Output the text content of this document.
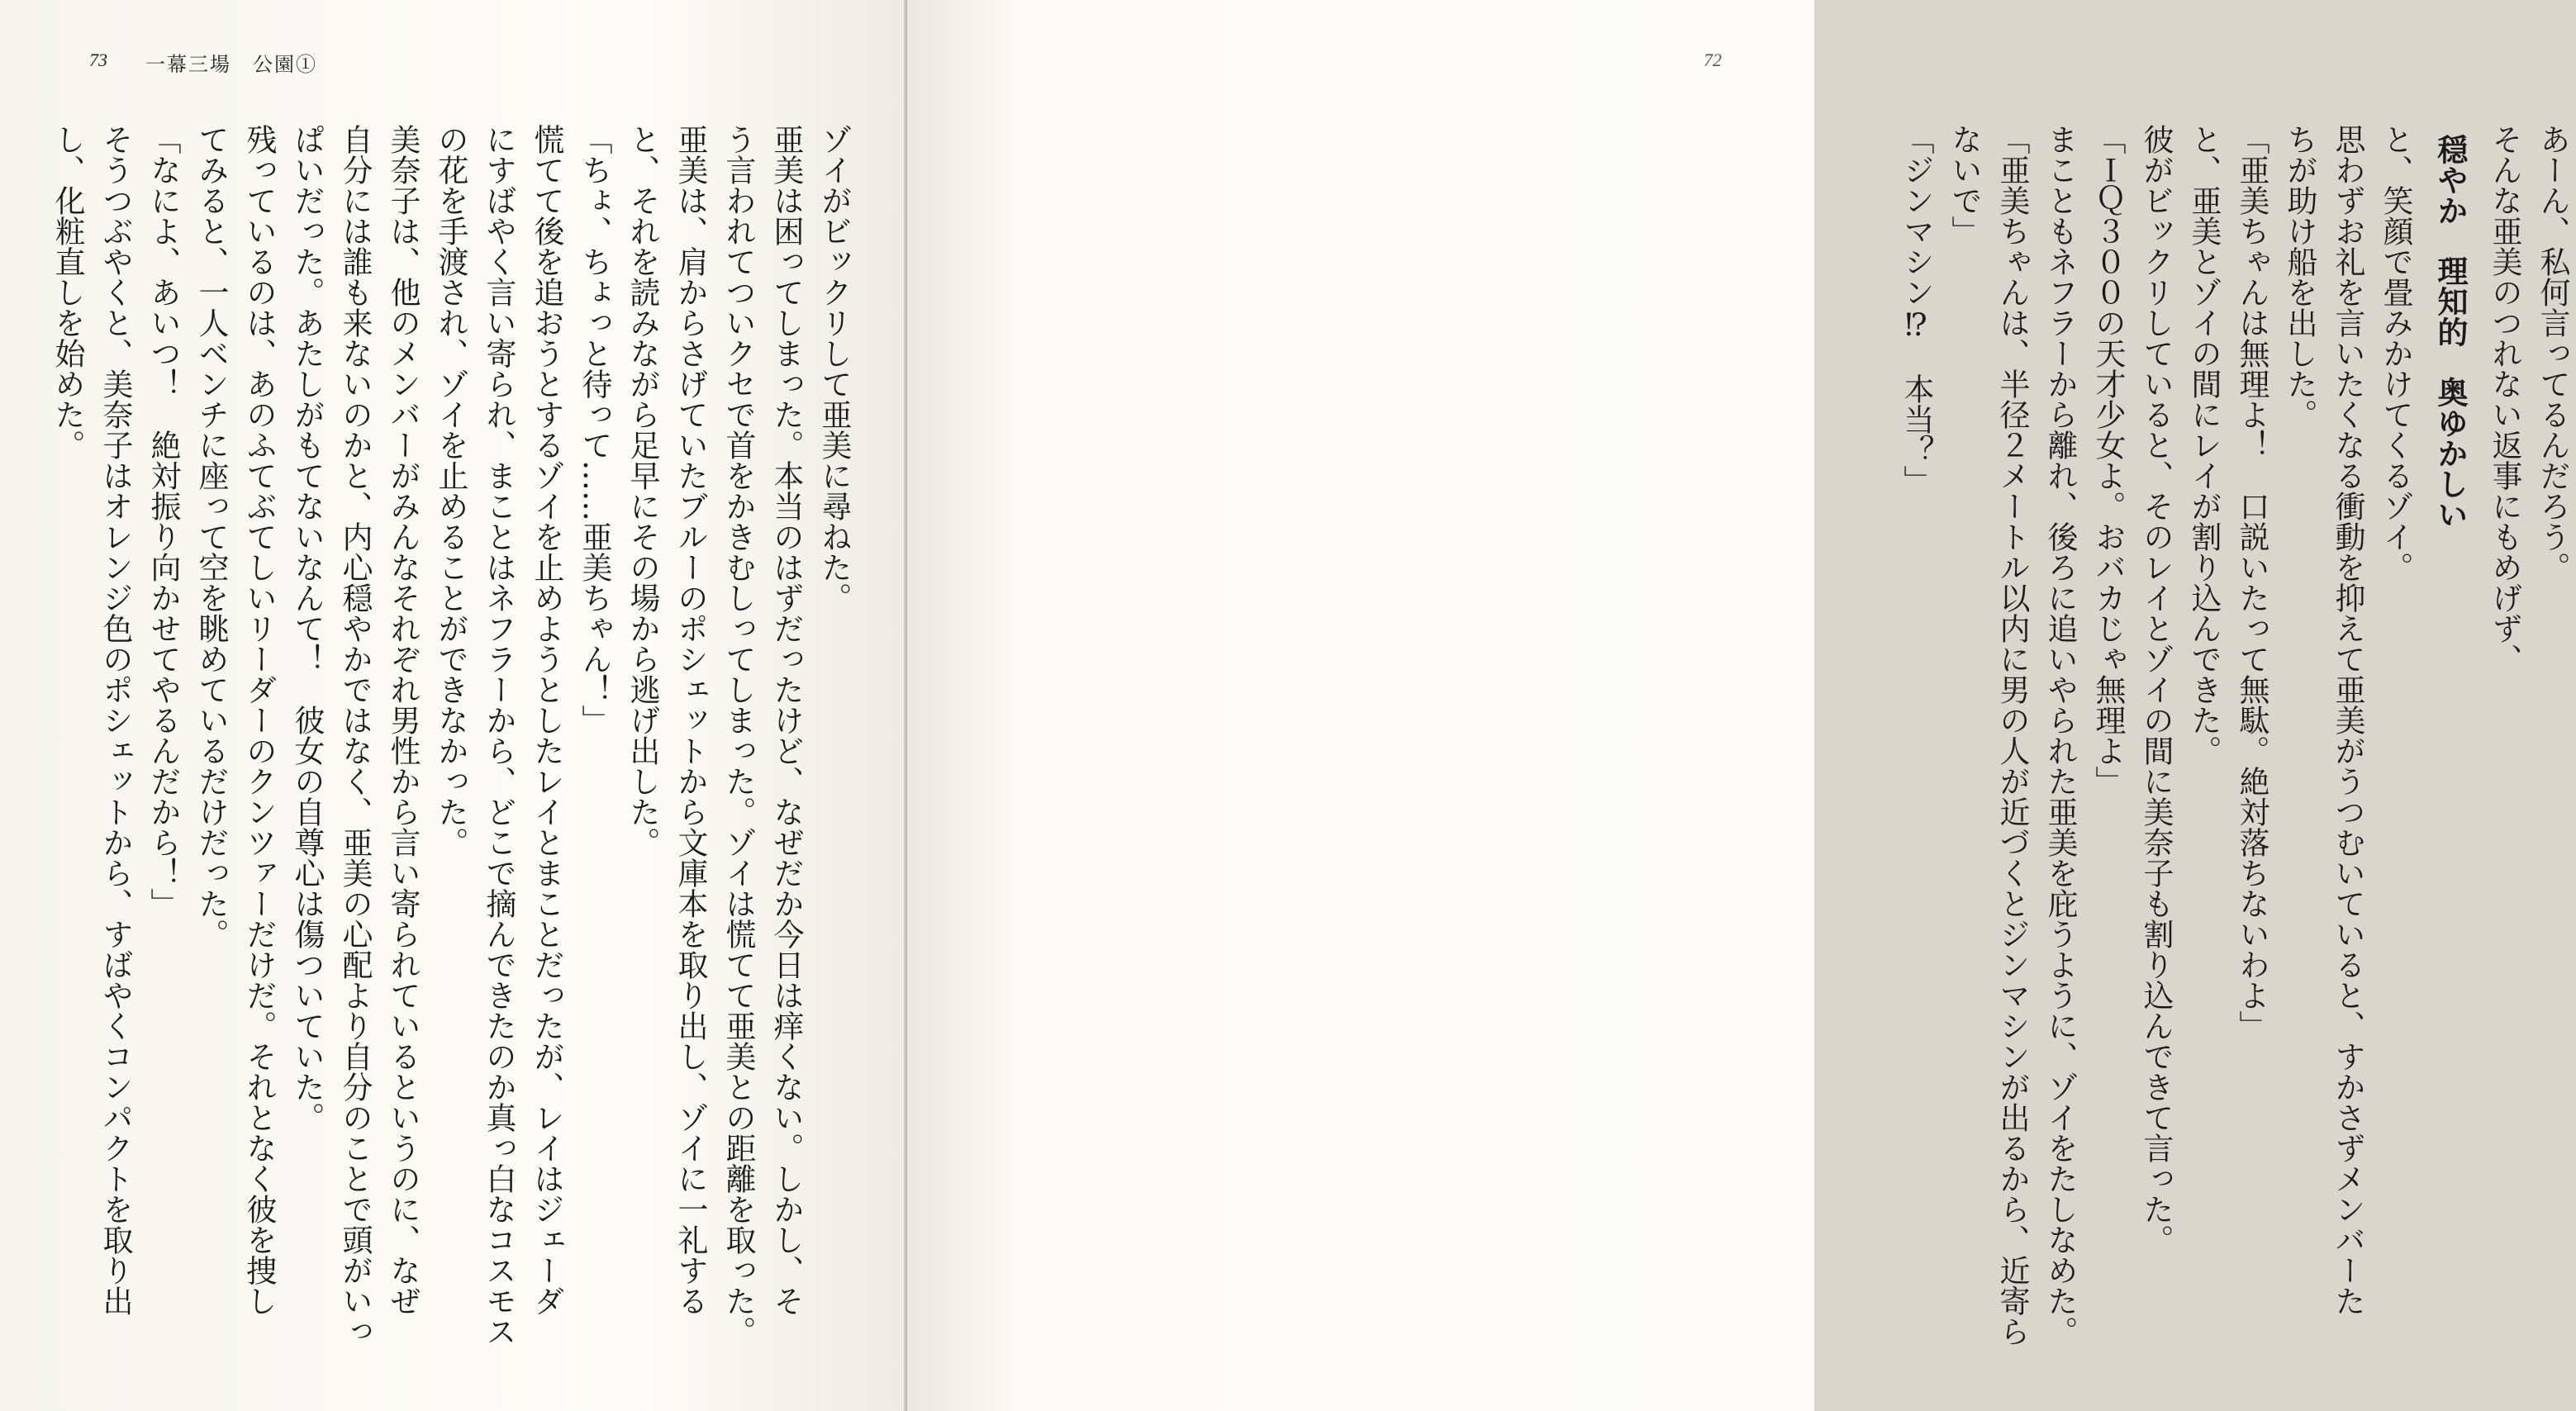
73 一幕三場 公園①
ゾイがビックリして亜美に尋ねた。
亜美は困ってしまった。本当のはずだったけど、なぜだか今日は痒くない。しかし、そ
う言われてついクセで首をかきむしってしまった。ゾイは慌てて亜美との距離を取った。
亜美は、肩からさげていたブルーのポシェットから文庫本を取り出し、ゾイに一礼する
と、それを読みながら足早にその場から逃げ出した。
「ちょ、ちょっと待って……亜美ちゃん！」
慌てて後を追おうとするゾイを止めようとしたレイとまことだったが、レイはジェーダ
にすばやく言い寄られ、まことはネフラーから、どこで摘んできたのか真っ白なコスモス
の花を手渡され、ゾイを止めることができなかった。
美奈子は、他のメンバーがみんなそれぞれ男性から言い寄られているというのに、なぜ
自分には誰も来ないのかと、内心穏やかではなく、亜美の心配より自分のことで頭がいっ
ぱいだった。あたしがもてないなんて！　彼女の自尊心は傷ついていた。
残っているのは、あのふてぶてしいリーダーのクンツァーだけだ。それとなく彼を捜し
てみると、一人ベンチに座って空を眺めているだけだった。
「なによ、あいつ！　絶対振り向かせてやるんだから！」
そうつぶやくと、美奈子はオレンジ色のポシェットから、すばやくコンパクトを取り出
し、化粧直しを始めた。
72
あーん、私何言ってるんだろう。
そんな亜美のつれない返事にもめげず、
穏やか理知的奥ゆかしい
と、笑顔で畳みかけてくるゾイ。
思わずお礼を言いたくなる衝動を抑えて亜美がうつむいていると、すかさずメンバーた
ちが助け船を出した。
「亜美ちゃんは無理よ！　口説いたって無駄。絶対落ちないわよ」
と、亜美とゾイの間にレイが割り込んできた。
彼がビックリしていると、そのレイとゾイの間に美奈子も割り込んできて言った。
「ＩＱ３００の天才少女よ。おバカじゃ無理よ」
まこともネフラーから離れ、後ろに追いやられた亜美を庇うように、ゾイをたしなめた。
「亜美ちゃんは、半径２メートル以内に男の人が近づくとジンマシンが出るから、近寄ら
ないで」
「ジンマシン⁉　本当？」
